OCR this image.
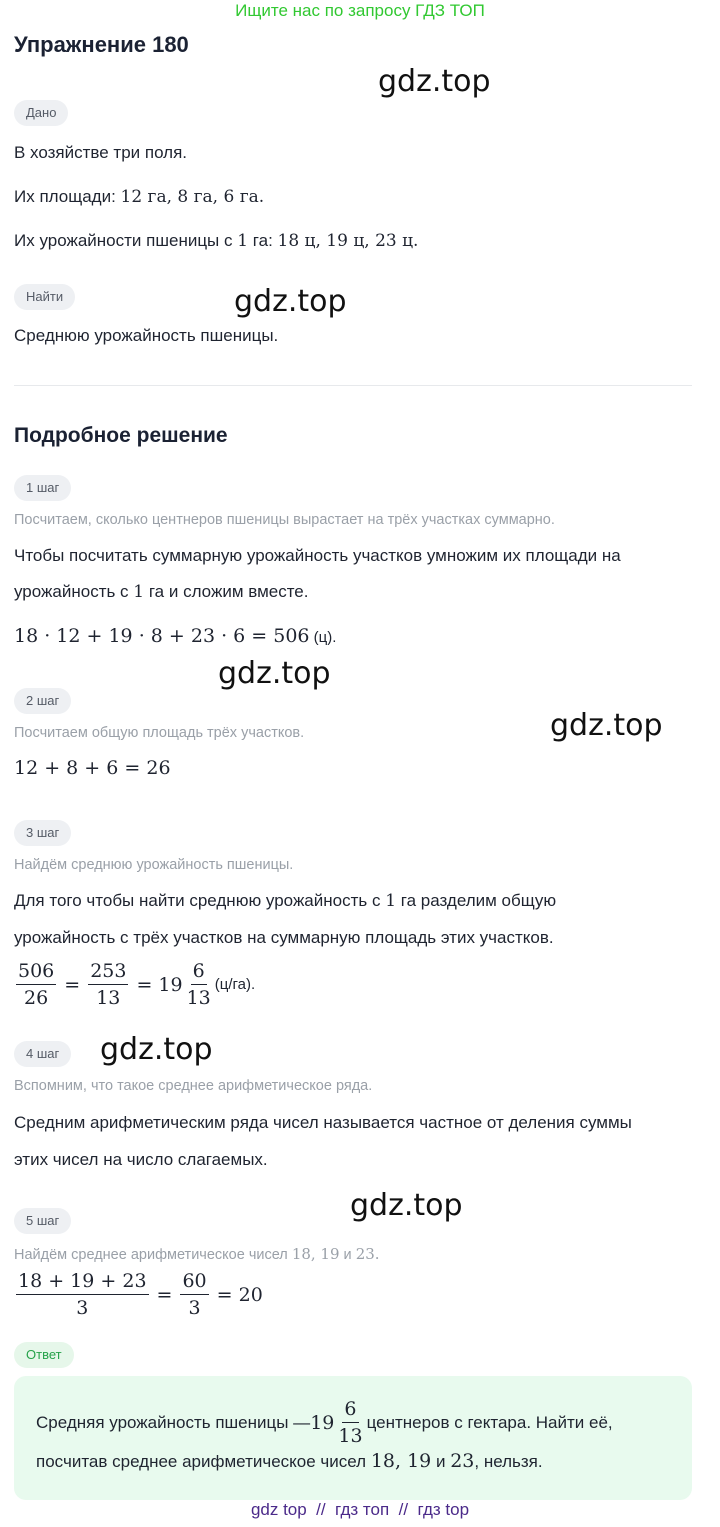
Ищите нас по запросу ГДЗ ТОП
Упражнение 180
gdz.top
gdz.top
gdz.top
gdz.top
gdz.top
gdz.top
Дано
В хозяйстве три поля.
Их площади: 12 га, 8 га, 6 га.
Их урожайности пшеницы с 1 га: 18 ц, 19 ц, 23 ц.
Найти
Среднюю урожайность пшеницы.
Подробное решение
1 шаг
Посчитаем, сколько центнеров пшеницы вырастает на трёх участках суммарно.
Чтобы посчитать суммарную урожайность участков умножим их площади на
урожайность с 1 га и сложим вместе.
18 · 12 + 19 · 8 + 23 · 6 = 506 (ц).
2 шаг
Посчитаем общую площадь трёх участков.
12 + 8 + 6 = 26
3 шаг
Найдём среднюю урожайность пшеницы.
Для того чтобы найти среднюю урожайность с 1 га разделим общую
урожайность с трёх участков на суммарную площадь этих участков.
$\frac{506}{26} = \frac{253}{13} = 19 \frac{6}{13} (ц/га)$.
4 шаг
Вспомним, что такое среднее арифметическое ряда.
Средним арифметическим ряда чисел называется частное от деления суммы
этих чисел на число слагаемых.
5 шаг
Найдём среднее арифметическое чисел 18, 19 и 23.
$\frac{18 + 19 + 23}{3} = \frac{60}{3} = 20$
Ответ
Средняя урожайность пшеницы — $19 \frac{6}{13}$ центнеров с гектара. Найти её,
посчитав среднее арифметическое чисел 18, 19 и 23, нельзя.
gdz top  //  гдз топ  //  гдз top
